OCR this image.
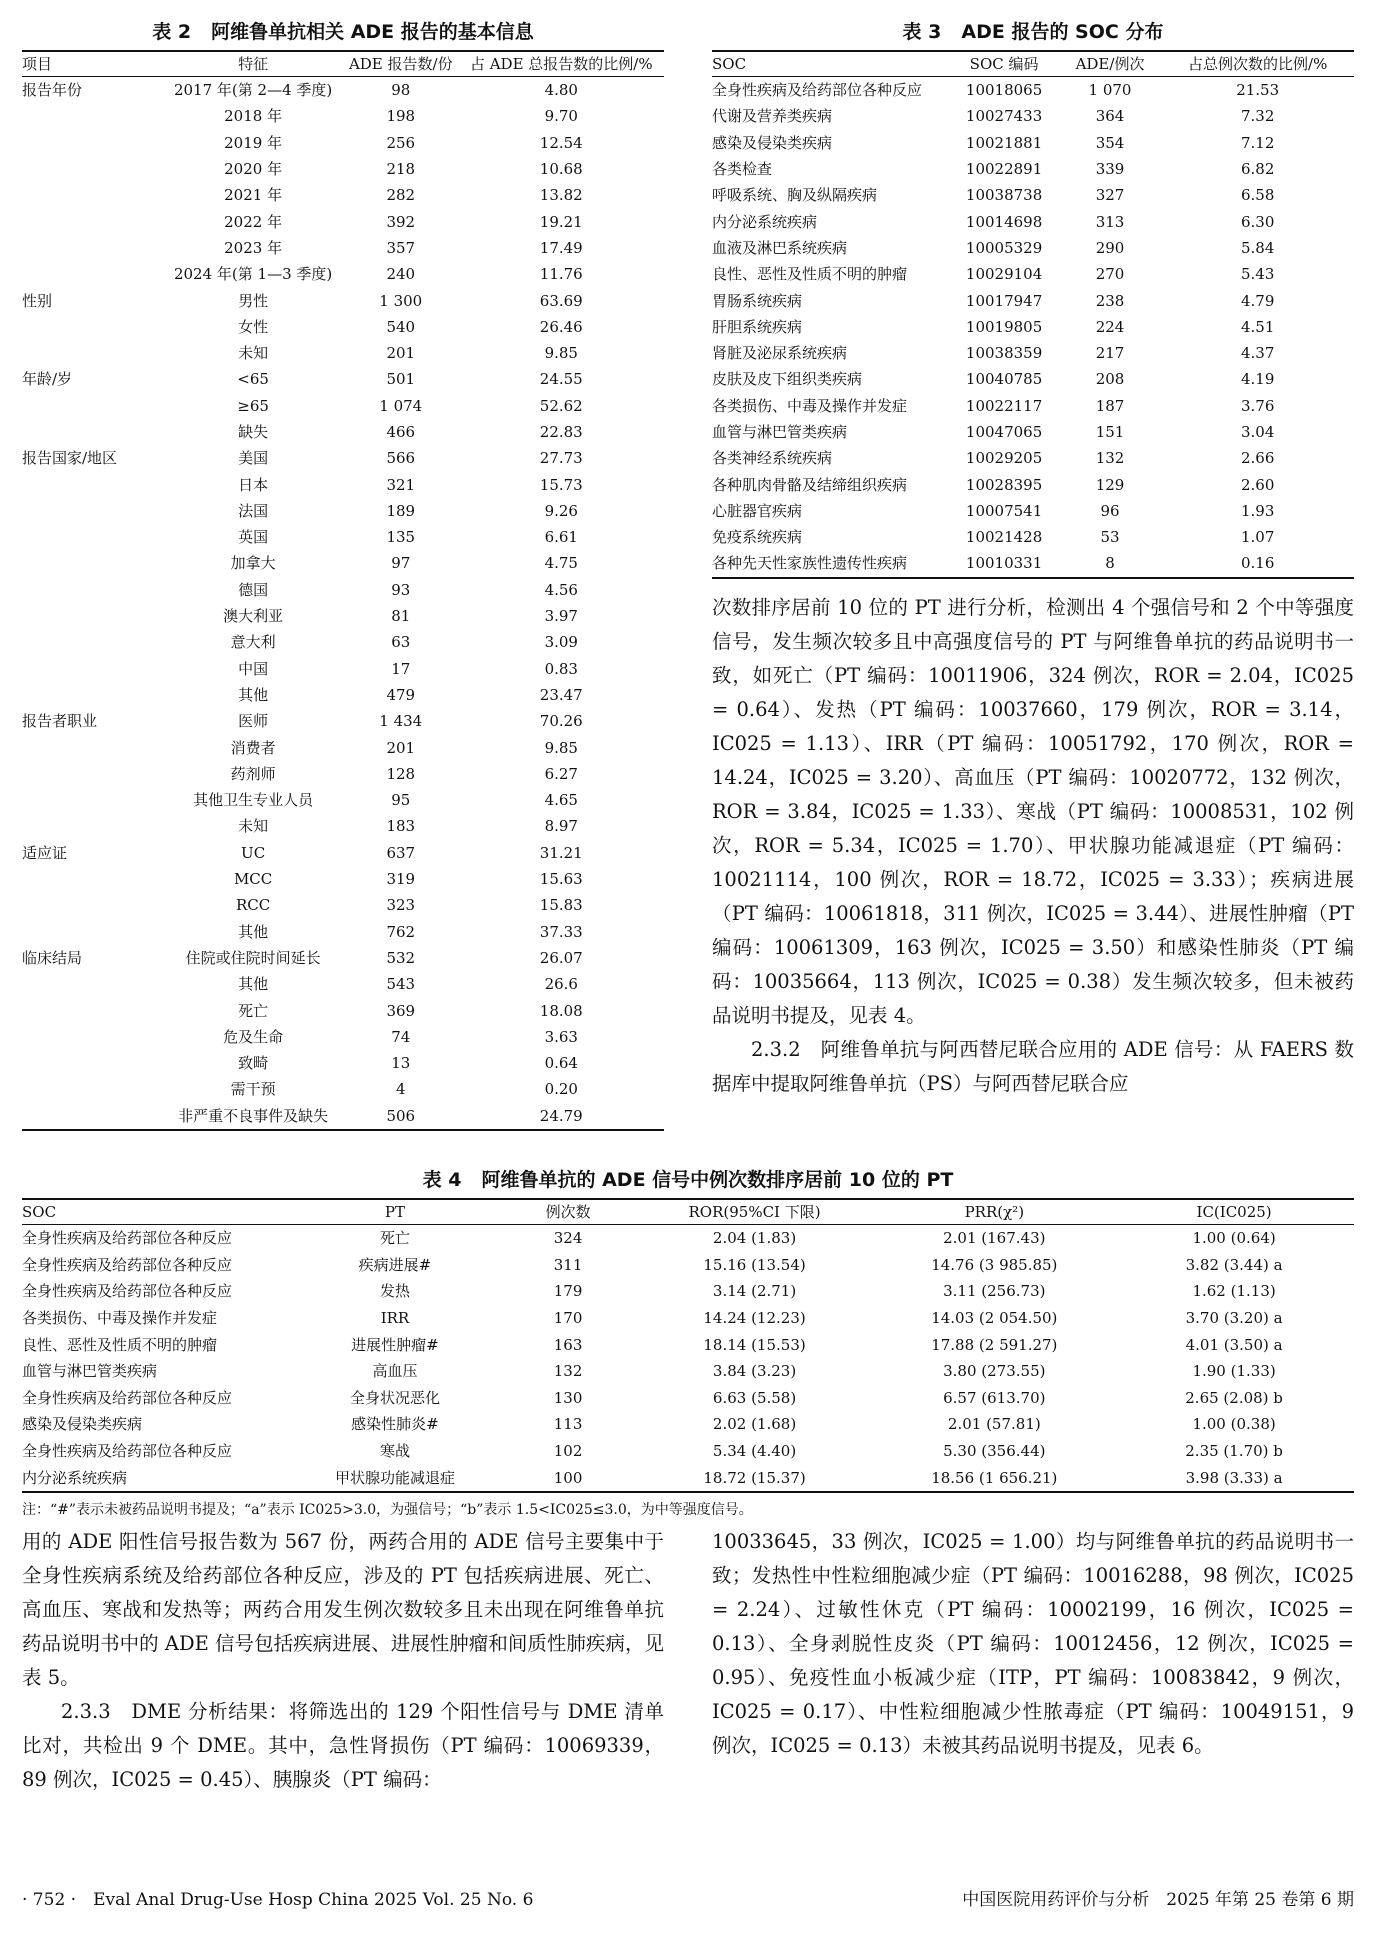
表 2 阿维鲁单抗相关 ADE 报告的基本信息
项目	特征	ADE 报告数/份	占 ADE 总报告数的比例/%
报告年份	2017 年(第 2—4 季度)	98	4.80
	2018 年	198	9.70
	2019 年	256	12.54
	2020 年	218	10.68
	2021 年	282	13.82
	2022 年	392	19.21
	2023 年	357	17.49
	2024 年(第 1—3 季度)	240	11.76
性别	男性	1 300	63.69
	女性	540	26.46
	未知	201	9.85
年龄/岁	<65	501	24.55
	≥65	1 074	52.62
	缺失	466	22.83
报告国家/地区	美国	566	27.73
	日本	321	15.73
	法国	189	9.26
	英国	135	6.61
	加拿大	97	4.75
	德国	93	4.56
	澳大利亚	81	3.97
	意大利	63	3.09
	中国	17	0.83
	其他	479	23.47
报告者职业	医师	1 434	70.26
	消费者	201	9.85
	药剂师	128	6.27
	其他卫生专业人员	95	4.65
	未知	183	8.97
适应证	UC	637	31.21
	MCC	319	15.63
	RCC	323	15.83
	其他	762	37.33
临床结局	住院或住院时间延长	532	26.07
	其他	543	26.6
	死亡	369	18.08
	危及生命	74	3.63
	致畸	13	0.64
	需干预	4	0.20
	非严重不良事件及缺失	506	24.79
表 3 ADE 报告的 SOC 分布
SOC	SOC 编码	ADE/例次	占总例次数的比例/%
全身性疾病及给药部位各种反应	10018065	1 070	21.53
代谢及营养类疾病	10027433	364	7.32
感染及侵染类疾病	10021881	354	7.12
各类检查	10022891	339	6.82
呼吸系统、胸及纵隔疾病	10038738	327	6.58
内分泌系统疾病	10014698	313	6.30
血液及淋巴系统疾病	10005329	290	5.84
良性、恶性及性质不明的肿瘤	10029104	270	5.43
胃肠系统疾病	10017947	238	4.79
肝胆系统疾病	10019805	224	4.51
肾脏及泌尿系统疾病	10038359	217	4.37
皮肤及皮下组织类疾病	10040785	208	4.19
各类损伤、中毒及操作并发症	10022117	187	3.76
血管与淋巴管类疾病	10047065	151	3.04
各类神经系统疾病	10029205	132	2.66
各种肌肉骨骼及结缔组织疾病	10028395	129	2.60
心脏器官疾病	10007541	96	1.93
免疫系统疾病	10021428	53	1.07
各种先天性家族性遗传性疾病	10010331	8	0.16

次数排序居前 10 位的 PT 进行分析，检测出 4 个强信号和 2 个中等强度信号，发生频次较多且中高强度信号的 PT 与阿维鲁单抗的药品说明书一致，如死亡（PT 编码：10011906，324 例次，ROR = 2.04，IC025 = 0.64）、发热（PT 编码：10037660，179 例次，ROR = 3.14，IC025 = 1.13）、IRR（PT 编码：10051792，170 例次，ROR = 14.24，IC025 = 3.20）、高血压（PT 编码：10020772，132 例次，ROR = 3.84，IC025 = 1.33）、寒战（PT 编码：10008531，102 例次，ROR = 5.34，IC025 = 1.70）、甲状腺功能减退症（PT 编码：10021114，100 例次，ROR = 18.72，IC025 = 3.33）；疾病进展（PT 编码：10061818，311 例次，IC025 = 3.44）、进展性肿瘤（PT 编码：10061309，163 例次，IC025 = 3.50）和感染性肺炎（PT 编码：10035664，113 例次，IC025 = 0.38）发生频次较多，但未被药品说明书提及，见表 4。

2.3.2　阿维鲁单抗与阿西替尼联合应用的 ADE 信号：从 FAERS 数据库中提取阿维鲁单抗（PS）与阿西替尼联合应

表 4 阿维鲁单抗的 ADE 信号中例次数排序居前 10 位的 PT
SOC	PT	例次数	ROR(95%CI 下限)	PRR(χ²)	IC(IC025)
全身性疾病及给药部位各种反应	死亡	324	2.04 (1.83)	2.01 (167.43)	1.00 (0.64)
全身性疾病及给药部位各种反应	疾病进展#	311	15.16 (13.54)	14.76 (3 985.85)	3.82 (3.44) a
全身性疾病及给药部位各种反应	发热	179	3.14 (2.71)	3.11 (256.73)	1.62 (1.13)
各类损伤、中毒及操作并发症	IRR	170	14.24 (12.23)	14.03 (2 054.50)	3.70 (3.20) a
良性、恶性及性质不明的肿瘤	进展性肿瘤#	163	18.14 (15.53)	17.88 (2 591.27)	4.01 (3.50) a
血管与淋巴管类疾病	高血压	132	3.84 (3.23)	3.80 (273.55)	1.90 (1.33)
全身性疾病及给药部位各种反应	全身状况恶化	130	6.63 (5.58)	6.57 (613.70)	2.65 (2.08) b
感染及侵染类疾病	感染性肺炎#	113	2.02 (1.68)	2.01 (57.81)	1.00 (0.38)
全身性疾病及给药部位各种反应	寒战	102	5.34 (4.40)	5.30 (356.44)	2.35 (1.70) b
内分泌系统疾病	甲状腺功能减退症	100	18.72 (15.37)	18.56 (1 656.21)	3.98 (3.33) a
注：“#”表示未被药品说明书提及；“a”表示 IC025>3.0，为强信号；“b”表示 1.5<IC025≤3.0，为中等强度信号。

用的 ADE 阳性信号报告数为 567 份，两药合用的 ADE 信号主要集中于全身性疾病系统及给药部位各种反应，涉及的 PT 包括疾病进展、死亡、高血压、寒战和发热等；两药合用发生例次数较多且未出现在阿维鲁单抗药品说明书中的 ADE 信号包括疾病进展、进展性肿瘤和间质性肺疾病，见表 5。

2.3.3　DME 分析结果：将筛选出的 129 个阳性信号与 DME 清单比对，共检出 9 个 DME。其中，急性肾损伤（PT 编码：10069339，89 例次，IC025 = 0.45）、胰腺炎（PT 编码：

10033645，33 例次，IC025 = 1.00）均与阿维鲁单抗的药品说明书一致；发热性中性粒细胞减少症（PT 编码：10016288，98 例次，IC025 = 2.24）、过敏性休克（PT 编码：10002199，16 例次，IC025 = 0.13）、全身剥脱性皮炎（PT 编码：10012456，12 例次，IC025 = 0.95）、免疫性血小板减少症（ITP，PT 编码：10083842，9 例次，IC025 = 0.17）、中性粒细胞减少性脓毒症（PT 编码：10049151，9 例次，IC025 = 0.13）未被其药品说明书提及，见表 6。

· 752 ·　Eval Anal Drug-Use Hosp China 2025 Vol. 25 No. 6	中国医院用药评价与分析　2025 年第 25 卷第 6 期
